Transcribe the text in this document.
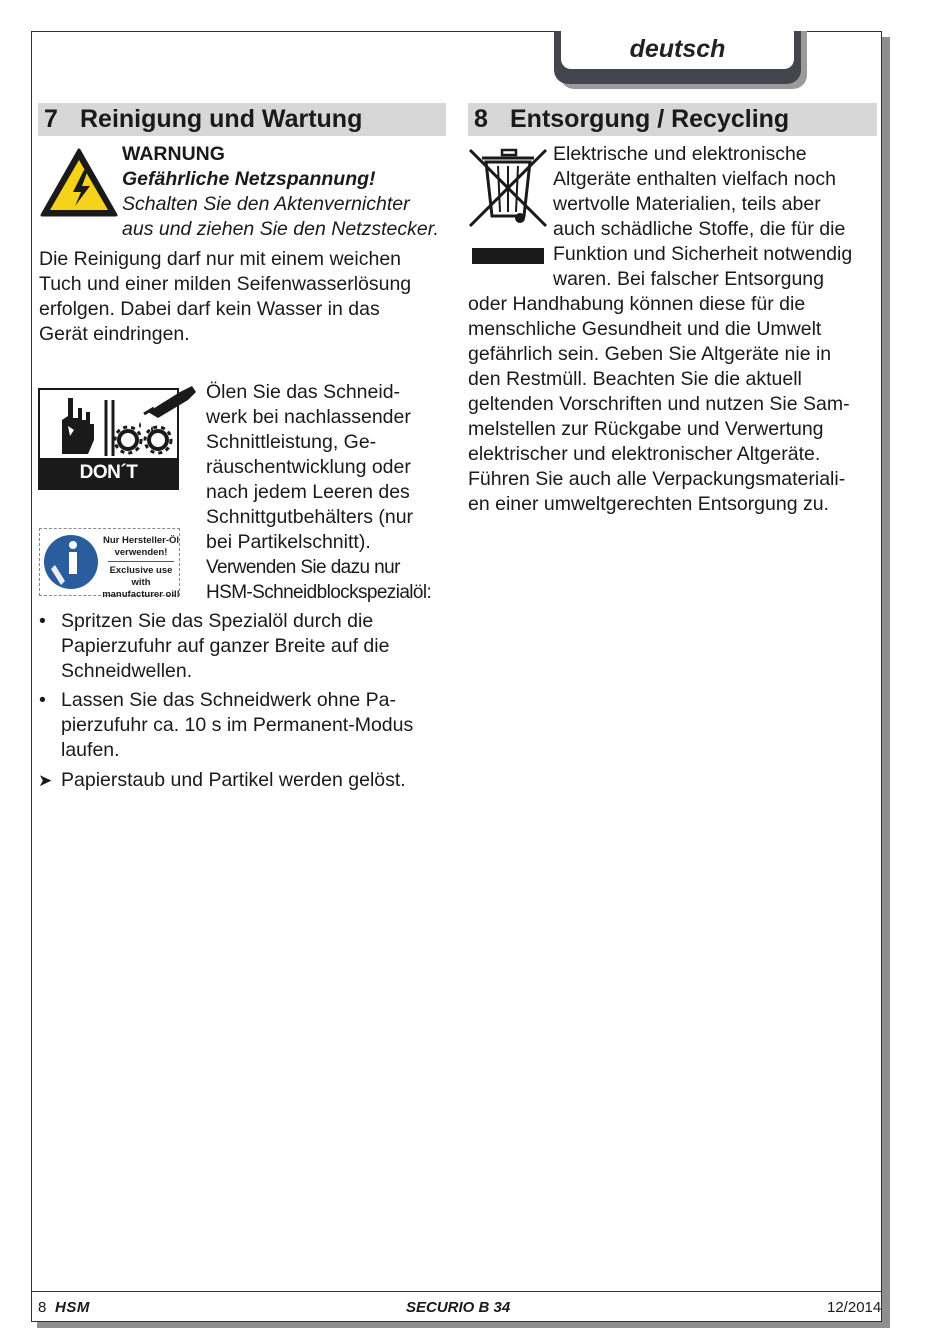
deutsch
7 Reinigung und Wartung	8 Entsorgung / Recycling
WARNUNG
Gefährliche Netzspannung!
Schalten Sie den Aktenvernichter
aus und ziehen Sie den Netzstecker.
Die Reinigung darf nur mit einem weichen
Tuch und einer milden Seifenwasserlösung
erfolgen. Dabei darf kein Wasser in das
Gerät eindringen.
DON´T FORGET
Nur Hersteller-Öl
verwenden!
Exclusive use with
manufacturer oil!
Ölen Sie das Schneid-
werk bei nachlassender
Schnittleistung, Ge-
räuschentwicklung oder
nach jedem Leeren des
Schnittgutbehälters (nur
bei Partikelschnitt).
Verwenden Sie dazu nur
HSM-Schneidblockspezialöl:
• Spritzen Sie das Spezialöl durch die
Papierzufuhr auf ganzer Breite auf die
Schneidwellen.
• Lassen Sie das Schneidwerk ohne Pa-
pierzufuhr ca. 10 s im Permanent-Modus
laufen.
➤ Papierstaub und Partikel werden gelöst.
Elektrische und elektronische
Altgeräte enthalten vielfach noch
wertvolle Materialien, teils aber
auch schädliche Stoffe, die für die
Funktion und Sicherheit notwendig
waren. Bei falscher Entsorgung
oder Handhabung können diese für die
menschliche Gesundheit und die Umwelt
gefährlich sein. Geben Sie Altgeräte nie in
den Restmüll. Beachten Sie die aktuell
geltenden Vorschriften und nutzen Sie Sam-
melstellen zur Rückgabe und Verwertung
elektrischer und elektronischer Altgeräte.
Führen Sie auch alle Verpackungsmateriali-
en einer umweltgerechten Entsorgung zu.
8 HSM	SECURIO B 34	12/2014
